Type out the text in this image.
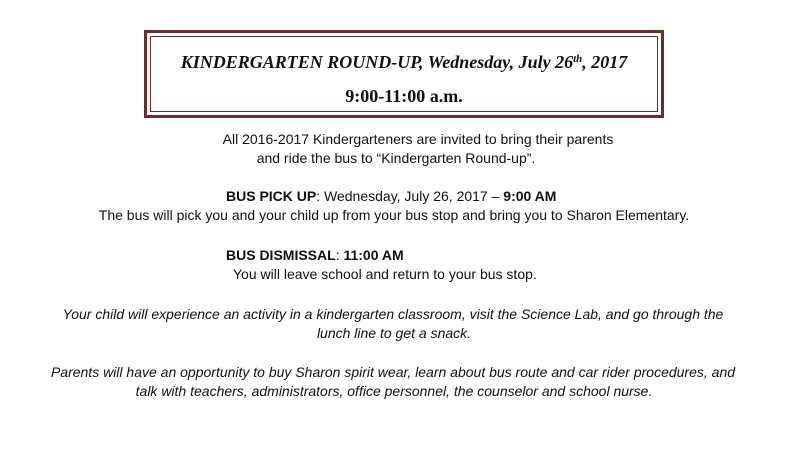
KINDERGARTEN ROUND-UP, Wednesday, July 26th, 2017
9:00-11:00 a.m.
All 2016-2017 Kindergarteners are invited to bring their parents
and ride the bus to “Kindergarten Round-up”.
BUS PICK UP: Wednesday, July 26, 2017 – 9:00 AM
The bus will pick you and your child up from your bus stop and bring you to Sharon Elementary.
BUS DISMISSAL: 11:00 AM
You will leave school and return to your bus stop.
Your child will experience an activity in a kindergarten classroom, visit the Science Lab, and go through the
lunch line to get a snack.
Parents will have an opportunity to buy Sharon spirit wear, learn about bus route and car rider procedures, and
talk with teachers, administrators, office personnel, the counselor and school nurse.
